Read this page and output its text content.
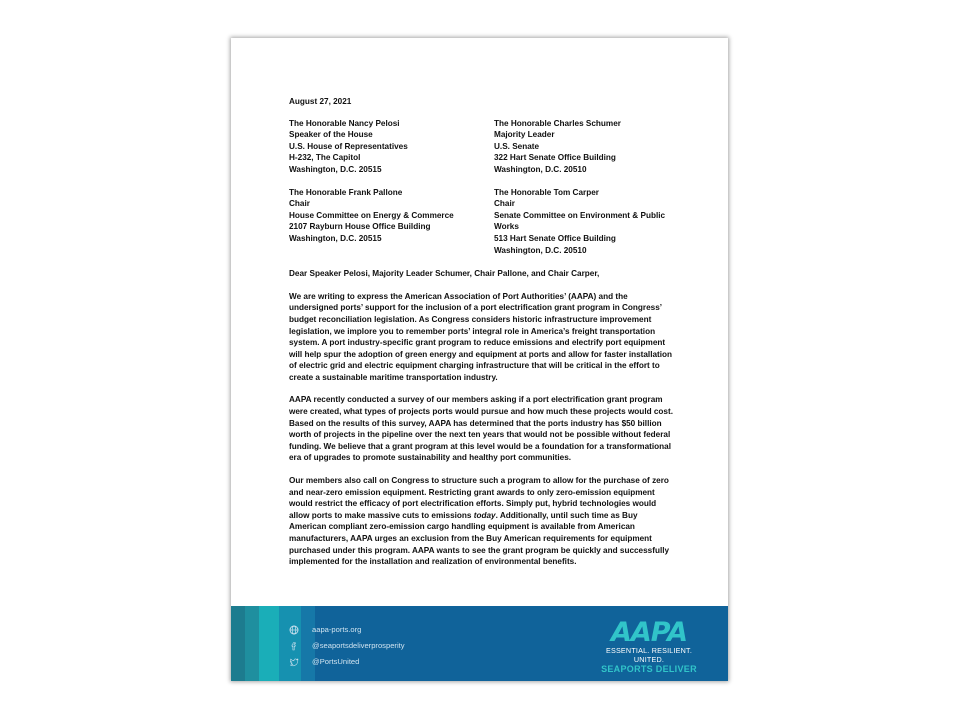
August 27, 2021
The Honorable Nancy Pelosi
Speaker of the House
U.S. House of Representatives
H-232, The Capitol
Washington, D.C. 20515
The Honorable Frank Pallone
Chair
House Committee on Energy & Commerce
2107 Rayburn House Office Building
Washington, D.C. 20515
The Honorable Charles Schumer
Majority Leader
U.S. Senate
322 Hart Senate Office Building
Washington, D.C. 20510
The Honorable Tom Carper
Chair
Senate Committee on Environment & Public
Works
513 Hart Senate Office Building
Washington, D.C. 20510
Dear Speaker Pelosi, Majority Leader Schumer, Chair Pallone, and Chair Carper,

We are writing to express the American Association of Port Authorities’ (AAPA) and the undersigned ports’ support for the inclusion of a port electrification grant program in Congress’ budget reconciliation legislation. As Congress considers historic infrastructure improvement legislation, we implore you to remember ports’ integral role in America’s freight transportation system. A port industry-specific grant program to reduce emissions and electrify port equipment will help spur the adoption of green energy and equipment at ports and allow for faster installation of electric grid and electric equipment charging infrastructure that will be critical in the effort to create a sustainable maritime transportation industry.

AAPA recently conducted a survey of our members asking if a port electrification grant program were created, what types of projects ports would pursue and how much these projects would cost. Based on the results of this survey, AAPA has determined that the ports industry has $50 billion worth of projects in the pipeline over the next ten years that would not be possible without federal funding. We believe that a grant program at this level would be a foundation for a transformational era of upgrades to promote sustainability and healthy port communities.

Our members also call on Congress to structure such a program to allow for the purchase of zero and near-zero emission equipment. Restricting grant awards to only zero-emission equipment would restrict the efficacy of port electrification efforts. Simply put, hybrid technologies would allow ports to make massive cuts to emissions today. Additionally, until such time as Buy American compliant zero-emission cargo handling equipment is available from American manufacturers, AAPA urges an exclusion from the Buy American requirements for equipment purchased under this program. AAPA wants to see the grant program be quickly and successfully implemented for the installation and realization of environmental benefits.

aapa-ports.org
@seaportsdeliverprosperity
@PortsUnited
AAPA
ESSENTIAL. RESILIENT. UNITED.
SEAPORTS DELIVER
